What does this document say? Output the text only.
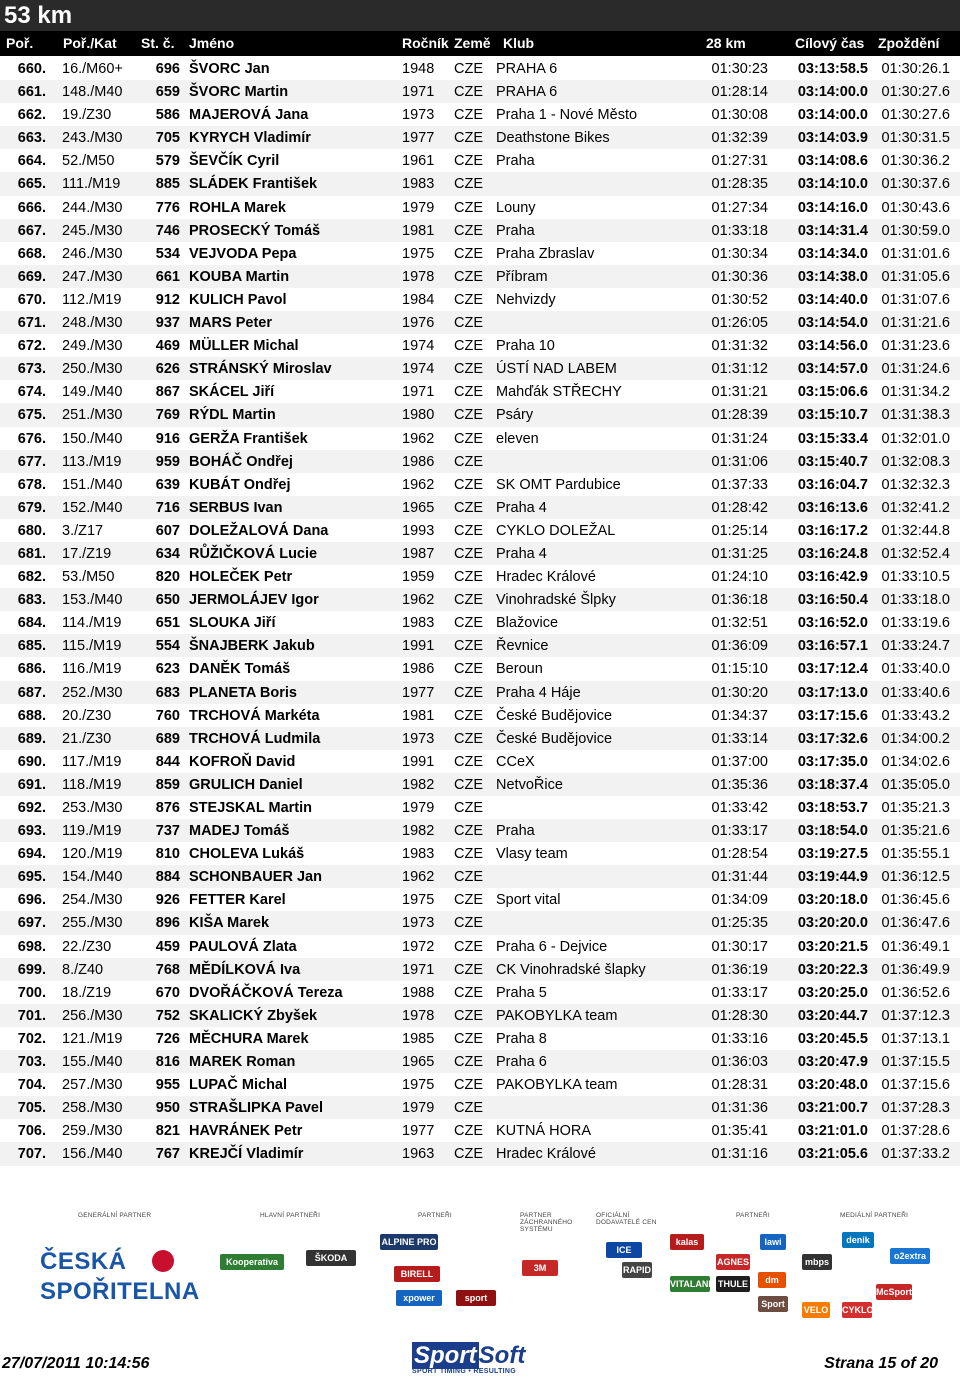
53 km
Poř. Poř./Kat St. č. Jméno	Ročník Země Klub	28 km	Cílový čas Zpoždění
660. 16./M60+	696 ŠVORC Jan	1948	CZE PRAHA 6	01:30:23	03:13:58.5 01:30:26.1
661. 148./M40	659 ŠVORC Martin	1971	CZE PRAHA 6	01:28:14	03:14:00.0 01:30:27.6
662. 19./Z30	586 MAJEROVÁ Jana	1973	CZE Praha 1 - Nové Město	01:30:08	03:14:00.0 01:30:27.6
663. 243./M30	705 KYRYCH Vladimír	1977	CZE Deathstone Bikes	01:32:39	03:14:03.9 01:30:31.5
664. 52./M50	579 ŠEVČÍK Cyril	1961	CZE Praha	01:27:31	03:14:08.6 01:30:36.2
665. 111./M19	885 SLÁDEK František	1983	CZE	01:28:35	03:14:10.0 01:30:37.6
666. 244./M30	776 ROHLA Marek	1979	CZE Louny	01:27:34	03:14:16.0 01:30:43.6
667. 245./M30	746 PROSECKÝ Tomáš	1981	CZE Praha	01:33:18	03:14:31.4 01:30:59.0
668. 246./M30	534 VEJVODA Pepa	1975	CZE Praha Zbraslav	01:30:34	03:14:34.0 01:31:01.6
669. 247./M30	661 KOUBA Martin	1978	CZE Příbram	01:30:36	03:14:38.0 01:31:05.6
670. 112./M19	912 KULICH Pavol	1984	CZE Nehvizdy	01:30:52	03:14:40.0 01:31:07.6
671. 248./M30	937 MARS Peter	1976	CZE	01:26:05	03:14:54.0 01:31:21.6
672. 249./M30	469 MÜLLER Michal	1974	CZE Praha 10	01:31:32	03:14:56.0 01:31:23.6
673. 250./M30	626 STRÁNSKÝ Miroslav	1974	CZE ÚSTÍ NAD LABEM	01:31:12	03:14:57.0 01:31:24.6
674. 149./M40	867 SKÁCEL Jiří	1971	CZE Mahďák STŘECHY	01:31:21	03:15:06.6 01:31:34.2
675. 251./M30	769 RÝDL Martin	1980	CZE Psáry	01:28:39	03:15:10.7 01:31:38.3
676. 150./M40	916 GERŽA František	1962	CZE eleven	01:31:24	03:15:33.4 01:32:01.0
677. 113./M19	959 BOHÁČ Ondřej	1986	CZE	01:31:06	03:15:40.7 01:32:08.3
678. 151./M40	639 KUBÁT Ondřej	1962	CZE SK OMT Pardubice	01:37:33	03:16:04.7 01:32:32.3
679. 152./M40	716 SERBUS Ivan	1965	CZE Praha 4	01:28:42	03:16:13.6 01:32:41.2
680. 3./Z17	607 DOLEŽALOVÁ Dana	1993	CZE CYKLO DOLEŽAL	01:25:14	03:16:17.2 01:32:44.8
681. 17./Z19	634 RŮŽIČKOVÁ Lucie	1987	CZE Praha 4	01:31:25	03:16:24.8 01:32:52.4
682. 53./M50	820 HOLEČEK Petr	1959	CZE Hradec Králové	01:24:10	03:16:42.9 01:33:10.5
683. 153./M40	650 JERMOLÁJEV Igor	1962	CZE Vinohradské Šlpky	01:36:18	03:16:50.4 01:33:18.0
684. 114./M19	651 SLOUKA Jiří	1983	CZE Blažovice	01:32:51	03:16:52.0 01:33:19.6
685. 115./M19	554 ŠNAJBERK Jakub	1991	CZE Řevnice	01:36:09	03:16:57.1 01:33:24.7
686. 116./M19	623 DANĚK Tomáš	1986	CZE Beroun	01:15:10	03:17:12.4 01:33:40.0
687. 252./M30	683 PLANETA Boris	1977	CZE Praha 4 Háje	01:30:20	03:17:13.0 01:33:40.6
688. 20./Z30	760 TRCHOVÁ Markéta	1981	CZE České Budějovice	01:34:37	03:17:15.6 01:33:43.2
689. 21./Z30	689 TRCHOVÁ Ludmila	1973	CZE České Budějovice	01:33:14	03:17:32.6 01:34:00.2
690. 117./M19	844 KOFROŇ David	1991	CZE CCeX	01:37:00	03:17:35.0 01:34:02.6
691. 118./M19	859 GRULICH Daniel	1982	CZE NetvoŘice	01:35:36	03:18:37.4 01:35:05.0
692. 253./M30	876 STEJSKAL Martin	1979	CZE	01:33:42	03:18:53.7 01:35:21.3
693. 119./M19	737 MADEJ Tomáš	1982	CZE Praha	01:33:17	03:18:54.0 01:35:21.6
694. 120./M19	810 CHOLEVA Lukáš	1983	CZE Vlasy team	01:28:54	03:19:27.5 01:35:55.1
695. 154./M40	884 SCHONBAUER Jan	1962	CZE	01:31:44	03:19:44.9 01:36:12.5
696. 254./M30	926 FETTER Karel	1975	CZE Sport vital	01:34:09	03:20:18.0 01:36:45.6
697. 255./M30	896 KIŠA Marek	1973	CZE	01:25:35	03:20:20.0 01:36:47.6
698. 22./Z30	459 PAULOVÁ Zlata	1972	CZE Praha 6 - Dejvice	01:30:17	03:20:21.5 01:36:49.1
699. 8./Z40	768 MĚDÍLKOVÁ Iva	1971	CZE CK Vinohradské šlapky	01:36:19	03:20:22.3 01:36:49.9
700. 18./Z19	670 DVOŘÁČKOVÁ Tereza	1988	CZE Praha 5	01:33:17	03:20:25.0 01:36:52.6
701. 256./M30	752 SKALICKÝ Zbyšek	1978	CZE PAKOBYLKA team	01:28:30	03:20:44.7 01:37:12.3
702. 121./M19	726 MĚCHURA Marek	1985	CZE Praha 8	01:33:16	03:20:45.5 01:37:13.1
703. 155./M40	816 MAREK Roman	1965	CZE Praha 6	01:36:03	03:20:47.9 01:37:15.5
704. 257./M30	955 LUPAČ Michal	1975	CZE PAKOBYLKA team	01:28:31	03:20:48.0 01:37:15.6
705. 258./M30	950 STRAŠLIPKA Pavel	1979	CZE	01:31:36	03:21:00.7 01:37:28.3
706. 259./M30	821 HAVRÁNEK Petr	1977	CZE KUTNÁ HORA	01:35:41	03:21:01.0 01:37:28.6
707. 156./M40	767 KREJČÍ Vladimír	1963	CZE Hradec Králové	01:31:16	03:21:05.6 01:37:33.2
GENERÁLNÍ PARTNER	HLAVNÍ PARTNEŘI	PARTNEŘI	PARTNER ZÁCHRANNÉHO SYSTÉMU
OFICIÁLNÍ DODAVATELÉ CEN
PARTNEŘI	MEDIÁLNÍ PARTNEŘI
ČESKÁ
SPOŘITELNA
Kooperativa	ŠKODA
ALPINE PRO
BIRELL
3M
xpower	sport obchod
ICE
RAPID
AGNES
THULE	dm
kalas	lawi
VITALAND
mbps
Sport Cafe
denik
o2extra
McSport
CYKLO
VELO
27/07/2011 10:14:56	SportSoft
SPORT TIMING • RESULTING	Strana 15 of 20
